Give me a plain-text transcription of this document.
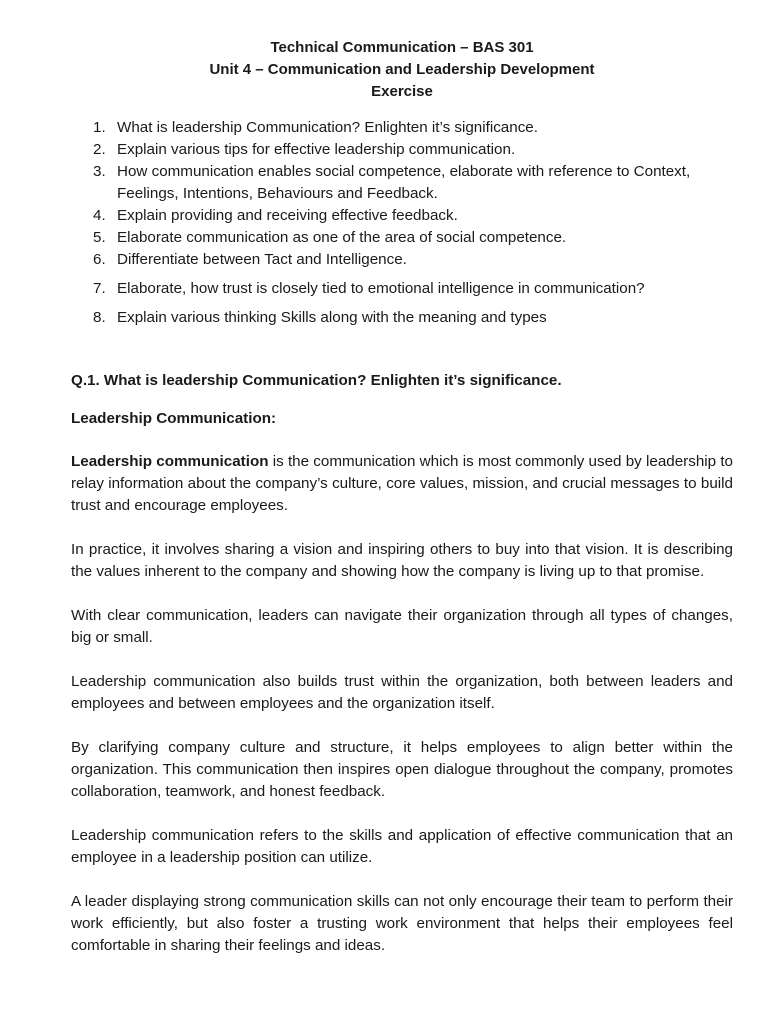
Technical Communication – BAS 301
Unit 4 – Communication and Leadership Development
Exercise
1. What is leadership Communication? Enlighten it’s significance.
2. Explain various tips for effective leadership communication.
3. How communication enables social competence, elaborate with reference to Context, Feelings, Intentions, Behaviours and Feedback.
4. Explain providing and receiving effective feedback.
5. Elaborate communication as one of the area of social competence.
6. Differentiate between Tact and Intelligence.
7. Elaborate, how trust is closely tied to emotional intelligence in communication?
8. Explain various thinking Skills along with the meaning and types
Q.1. What is leadership Communication? Enlighten it’s significance.
Leadership Communication:

Leadership communication is the communication which is most commonly used by leadership to relay information about the company’s culture, core values, mission, and crucial messages to build trust and encourage employees.

In practice, it involves sharing a vision and inspiring others to buy into that vision. It is describing the values inherent to the company and showing how the company is living up to that promise.

With clear communication, leaders can navigate their organization through all types of changes, big or small.

Leadership communication also builds trust within the organization, both between leaders and employees and between employees and the organization itself.

By clarifying company culture and structure, it helps employees to align better within the organization. This communication then inspires open dialogue throughout the company, promotes collaboration, teamwork, and honest feedback.

Leadership communication refers to the skills and application of effective communication that an employee in a leadership position can utilize.

A leader displaying strong communication skills can not only encourage their team to perform their work efficiently, but also foster a trusting work environment that helps their employees feel comfortable in sharing their feelings and ideas.
